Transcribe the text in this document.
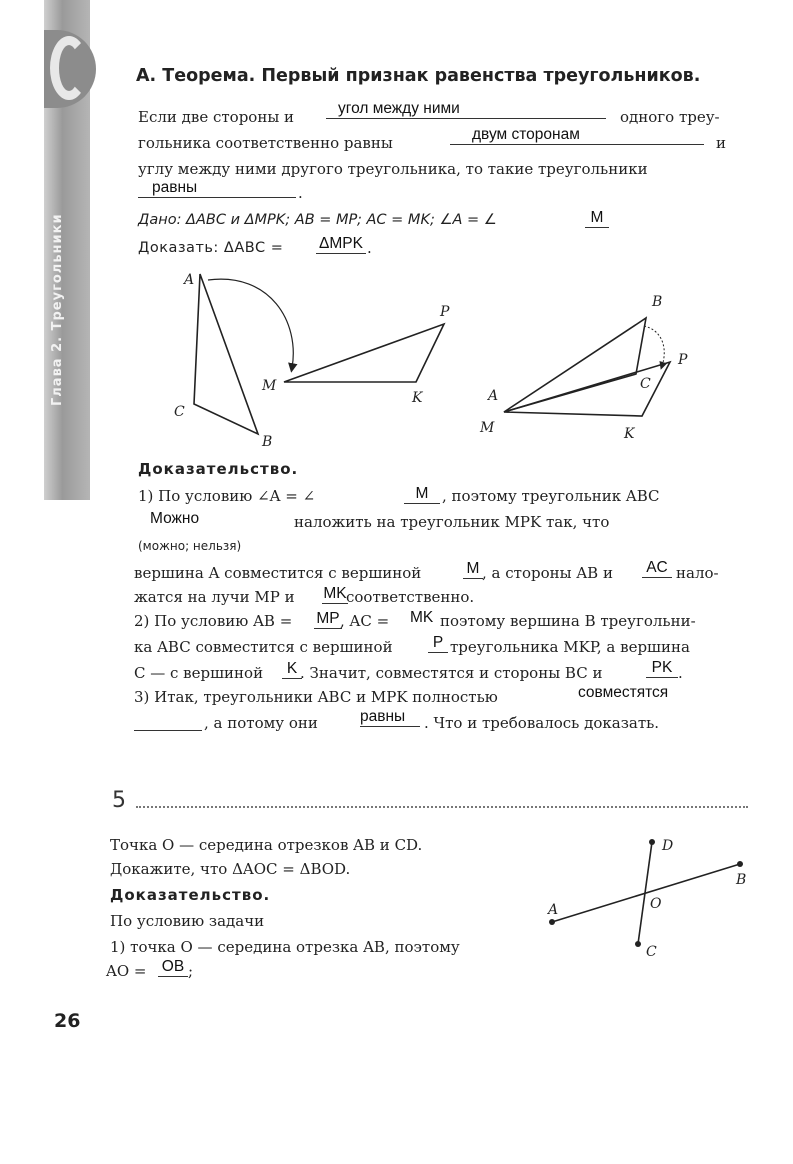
Глава 2. Треугольники
А. Теорема. Первый признак равенства треугольников.
Если две стороны и	угол между ними	одного треу-
гольника соответственно равны	двум сторонам	и
углу между ними другого треугольника, то такие треугольники
равны	.
Дано: ΔABC и ΔMPK; AB = MP; AC = MK; ∠A = ∠	M
Доказать: ΔABC = ΔMPK .
A
C
B
M
P
K
B
P
C
A
M	K
Доказательство.
1) По условию ∠A = ∠	M , поэтому треугольник ABC
Можно	наложить на треугольник MPK так, что
(можно; нельзя)
вершина A совместится с вершиной	M , а стороны AB и AC нало-
жатся на лучи MP и MK соответственно.
2) По условию AB = MP , AC = MK поэтому вершина B треугольни-
ка ABC совместится с вершиной	P треугольника MKP, а вершина
C — с вершиной	K . Значит, совместятся и стороны BC и	PK .
3) Итак, треугольники ABC и MPK полностью	совместятся
, а потому они	равны	. Что и требовалось доказать.
5
Точка O — середина отрезков AB и CD.
Докажите, что ΔAOC = ΔBOD.
Доказательство.
По условию задачи
1) точка O — середина отрезка AB, поэтому
AO = OB ;
A
B
D
C
O
26
